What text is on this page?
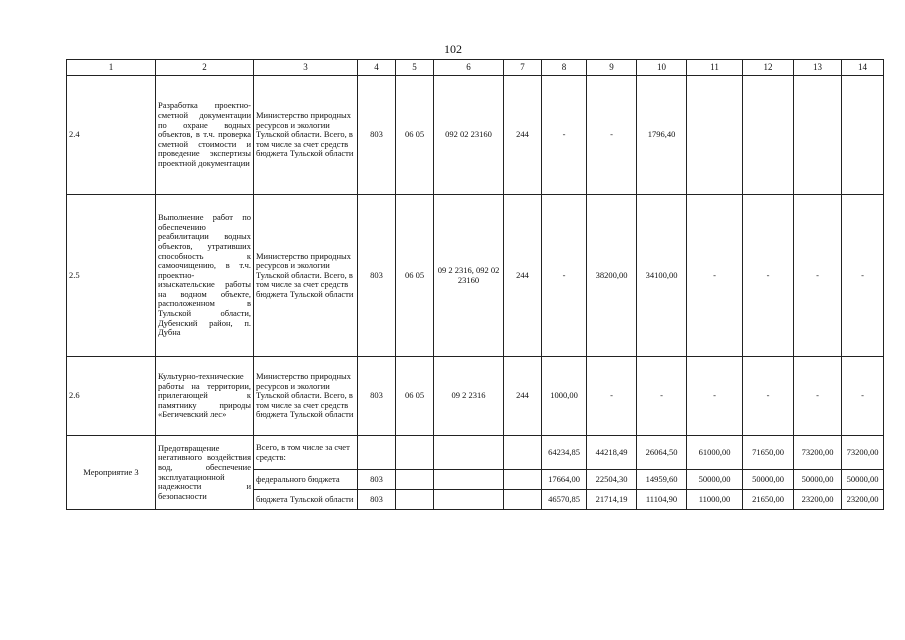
102
1	2	3	4	5	6	7	8	9	10	11	12	13	14
2.4	Разработка проектно-сметной документации по охране водных объектов, в т.ч. проверка сметной стоимости и проведение экспертизы проектной документации	Министерство природных ресурсов и экологии Тульской области. Всего, в том числе за счет средств бюджета Тульской области	803	06 05	092 02 23160	244	-	-	1796,40				
2.5	Выполнение работ по обеспечению реабилитации водных объектов, утративших способность к самоочищению, в т.ч. проектно-изыскательские работы на водном объекте, расположенном в Тульской области, Дубенский район, п. Дубна	Министерство природных ресурсов и экологии Тульской области. Всего, в том числе за счет средств бюджета Тульской области	803	06 05	09 2 2316, 092 02 23160	244	-	38200,00	34100,00	-	-	-	-
2.6	Культурно-технические работы на территории, прилегающей к памятнику природы «Бегичевский лес»	Министерство природных ресурсов и экологии Тульской области. Всего, в том числе за счет средств бюджета Тульской области	803	06 05	09 2 2316	244	1000,00	-	-	-	-	-	-
Мероприятие 3	Предотвращение негативного воздействия вод, обеспечение эксплуатационной надежности и безопасности	Всего, в том числе за счет средств:					64234,85	44218,49	26064,50	61000,00	71650,00	73200,00	73200,00
		федерального бюджета	803				17664,00	22504,30	14959,60	50000,00	50000,00	50000,00	50000,00
		бюджета Тульской области	803				46570,85	21714,19	11104,90	11000,00	21650,00	23200,00	23200,00
